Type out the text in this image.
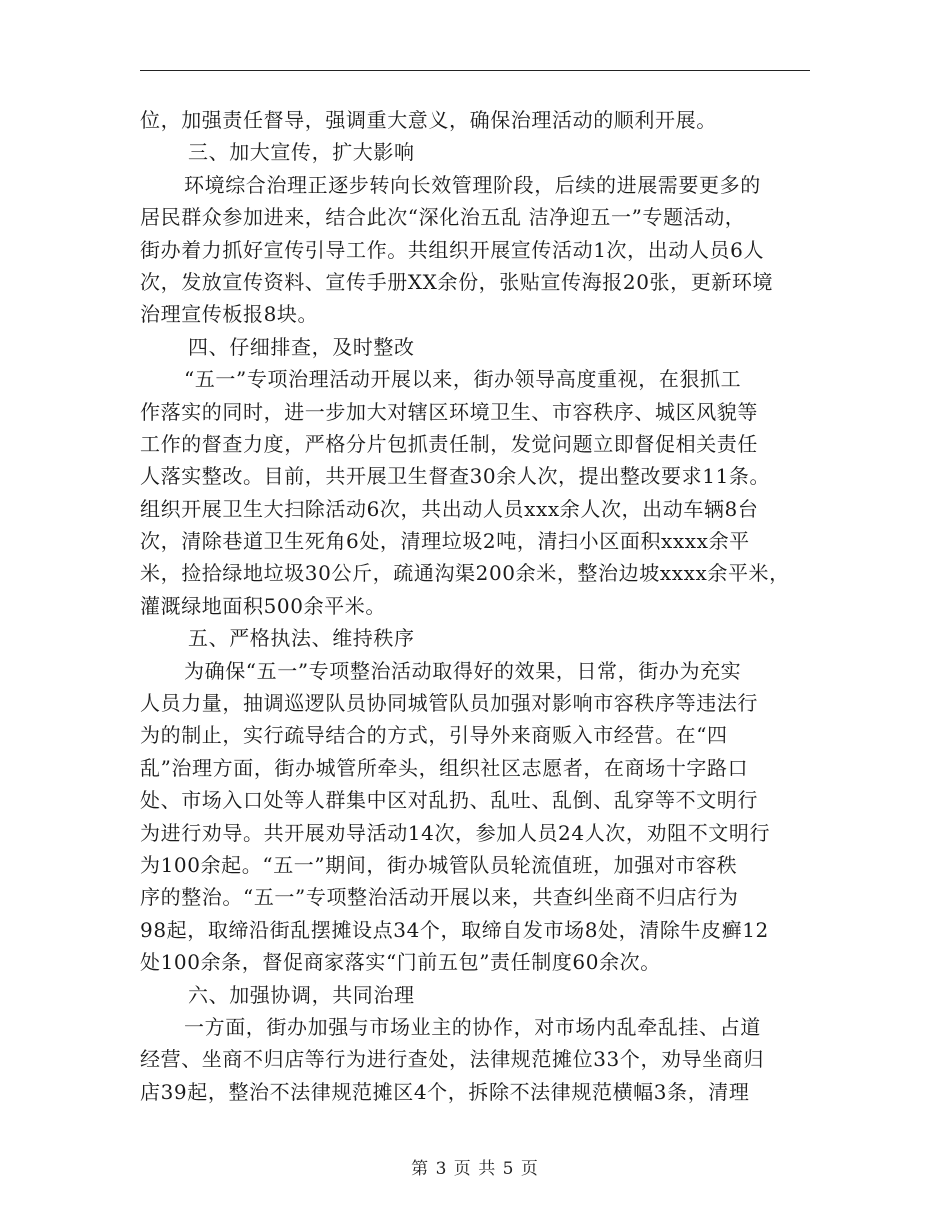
位，加强责任督导，强调重大意义，确保治理活动的顺利开展。
三、加大宣传，扩大影响
环境综合治理正逐步转向长效管理阶段，后续的进展需要更多的
居民群众参加进来，结合此次“深化治五乱 洁净迎五一”专题活动，
街办着力抓好宣传引导工作。共组织开展宣传活动1次，出动人员6人
次，发放宣传资料、宣传手册XX余份，张贴宣传海报20张，更新环境
治理宣传板报8块。
四、仔细排查，及时整改
“五一”专项治理活动开展以来，街办领导高度重视，在狠抓工
作落实的同时，进一步加大对辖区环境卫生、市容秩序、城区风貌等
工作的督查力度，严格分片包抓责任制，发觉问题立即督促相关责任
人落实整改。目前，共开展卫生督查30余人次，提出整改要求11条。
组织开展卫生大扫除活动6次，共出动人员xxx余人次，出动车辆8台
次，清除巷道卫生死角6处，清理垃圾2吨，清扫小区面积xxxx余平
米，捡拾绿地垃圾30公斤，疏通沟渠200余米，整治边坡xxxx余平米，
灌溉绿地面积500余平米。
五、严格执法、维持秩序
为确保“五一”专项整治活动取得好的效果，日常，街办为充实
人员力量，抽调巡逻队员协同城管队员加强对影响市容秩序等违法行
为的制止，实行疏导结合的方式，引导外来商贩入市经营。在“四
乱”治理方面，街办城管所牵头，组织社区志愿者，在商场十字路口
处、市场入口处等人群集中区对乱扔、乱吐、乱倒、乱穿等不文明行
为进行劝导。共开展劝导活动14次，参加人员24人次，劝阻不文明行
为100余起。“五一”期间，街办城管队员轮流值班，加强对市容秩
序的整治。“五一”专项整治活动开展以来，共查纠坐商不归店行为
98起，取缔沿街乱摆摊设点34个，取缔自发市场8处，清除牛皮癣12
处100余条，督促商家落实“门前五包”责任制度60余次。
六、加强协调，共同治理
一方面，街办加强与市场业主的协作，对市场内乱牵乱挂、占道
经营、坐商不归店等行为进行查处，法律规范摊位33个，劝导坐商归
店39起，整治不法律规范摊区4个，拆除不法律规范横幅3条，清理
第 3 页 共 5 页
